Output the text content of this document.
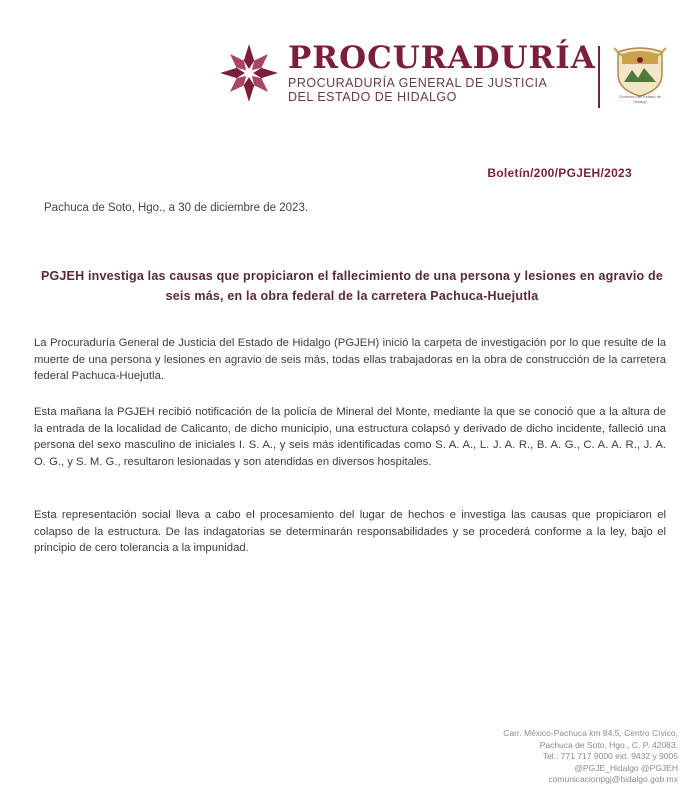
PROCURADURÍA
PROCURADURÍA GENERAL DE JUSTICIA
DEL ESTADO DE HIDALGO	Gobierno del Estado de Hidalgo
Boletín/200/PGJEH/2023
Pachuca de Soto, Hgo., a 30 de diciembre de 2023.
PGJEH investiga las causas que propiciaron el fallecimiento de una persona y lesiones en agravio de seis más, en la obra federal de la carretera Pachuca-Huejutla

La Procuraduría General de Justicia del Estado de Hidalgo (PGJEH) inició la carpeta de investigación por lo que resulte de la muerte de una persona y lesiones en agravio de seis más, todas ellas trabajadoras en la obra de construcción de la carretera federal Pachuca-Huejutla.

Esta mañana la PGJEH recibió notificación de la policía de Mineral del Monte, mediante la que se conoció que a la altura de la entrada de la localidad de Calicanto, de dicho municipio, una estructura colapsó y derivado de dicho incidente, falleció una persona del sexo masculino de iniciales I. S. A., y seis más identificadas como S. A. A., L. J. A. R., B. A. G., C. A. A. R., J. A. O. G., y S. M. G., resultaron lesionadas y son atendidas en diversos hospitales.

Esta representación social lleva a cabo el procesamiento del lugar de hechos e investiga las causas que propiciaron el colapso de la estructura. De las indagatorias se determinarán responsabilidades y se procederá conforme a la ley, bajo el principio de cero tolerancia a la impunidad.

Carr. México-Pachuca km 84.5, Centro Cívico,
Pachuca de Soto, Hgo., C. P. 42083.
Tel.: 771 717 9000 ext. 9432 y 9005
@PGJE_Hidalgo @PGJEH
comunicacionpgj@hidalgo.gob.mx
